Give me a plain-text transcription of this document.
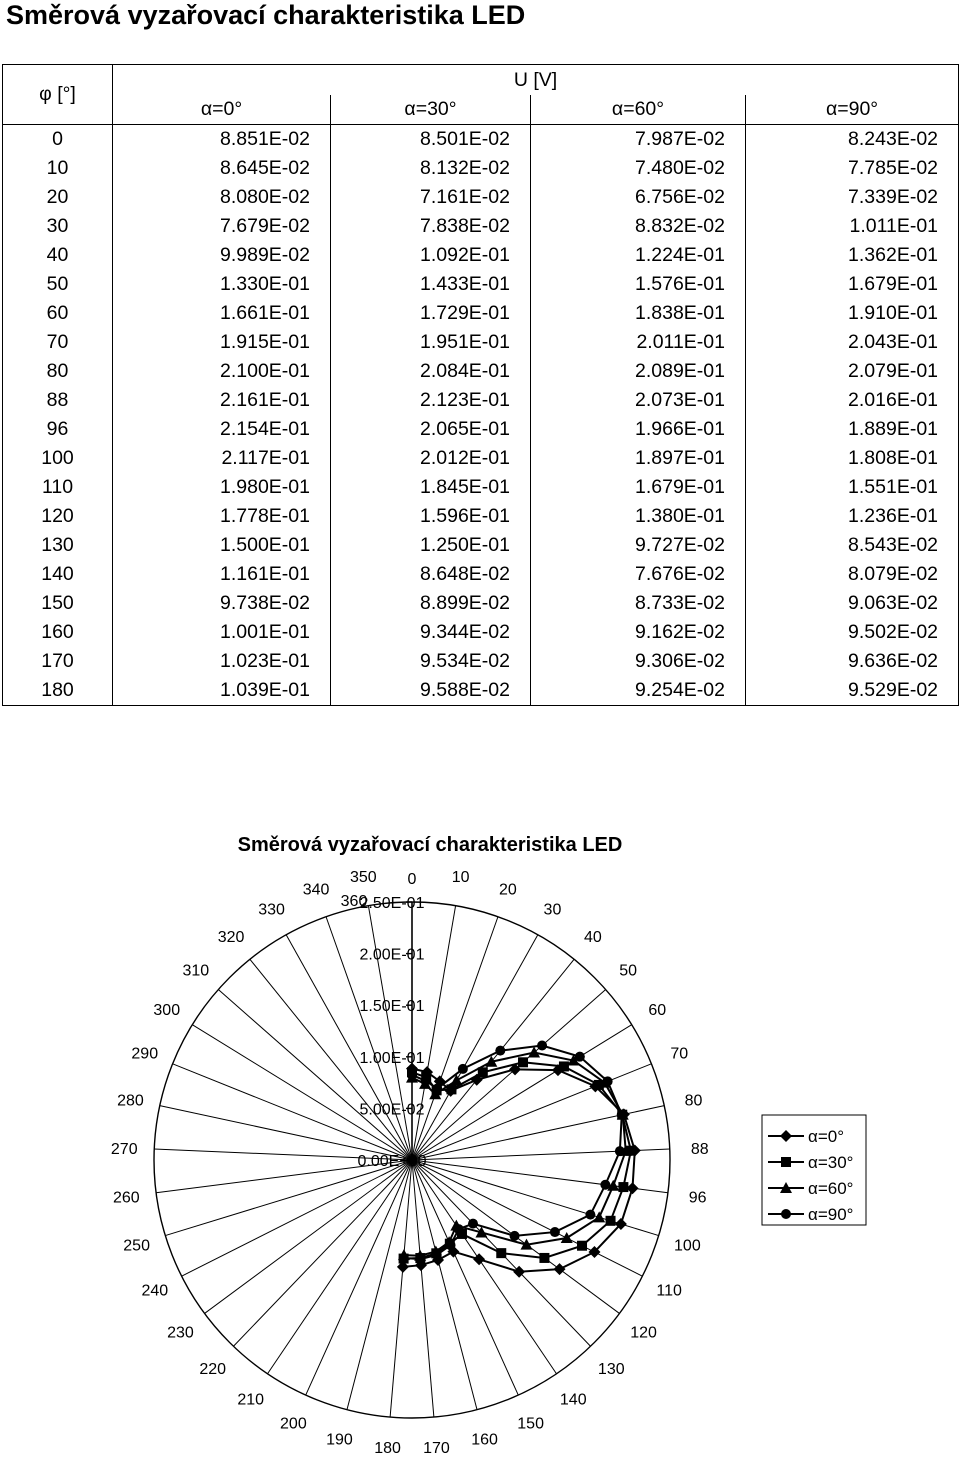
Směrová vyzařovací charakteristika LED
φ [°]	U [V]			
	α=0°	α=30°	α=60°	α=90°
0	8.851E-02	8.501E-02	7.987E-02	8.243E-02
10	8.645E-02	8.132E-02	7.480E-02	7.785E-02
20	8.080E-02	7.161E-02	6.756E-02	7.339E-02
30	7.679E-02	7.838E-02	8.832E-02	1.011E-01
40	9.989E-02	1.092E-01	1.224E-01	1.362E-01
50	1.330E-01	1.433E-01	1.576E-01	1.679E-01
60	1.661E-01	1.729E-01	1.838E-01	1.910E-01
70	1.915E-01	1.951E-01	2.011E-01	2.043E-01
80	2.100E-01	2.084E-01	2.089E-01	2.079E-01
88	2.161E-01	2.123E-01	2.073E-01	2.016E-01
96	2.154E-01	2.065E-01	1.966E-01	1.889E-01
100	2.117E-01	2.012E-01	1.897E-01	1.808E-01
110	1.980E-01	1.845E-01	1.679E-01	1.551E-01
120	1.778E-01	1.596E-01	1.380E-01	1.236E-01
130	1.500E-01	1.250E-01	9.727E-02	8.543E-02
140	1.161E-01	8.648E-02	7.676E-02	8.079E-02
150	9.738E-02	8.899E-02	8.733E-02	9.063E-02
160	1.001E-01	9.344E-02	9.162E-02	9.502E-02
170	1.023E-01	9.534E-02	9.306E-02	9.636E-02
180	1.039E-01	9.588E-02	9.254E-02	9.529E-02
Směrová vyzařovací charakteristika LED
0.00E+00
5.00E-02
1.00E-01
1.50E-01
2.00E-01
2.50E-01
0 10
20
30
40
50
60
70
80
88
96
100
110
120
130
140
150
160
170
180
190
200
210
220
230
240
250
260
270
280
290
300
310
320
330
340
350
360
α=0°
α=30°
α=60°
α=90°
